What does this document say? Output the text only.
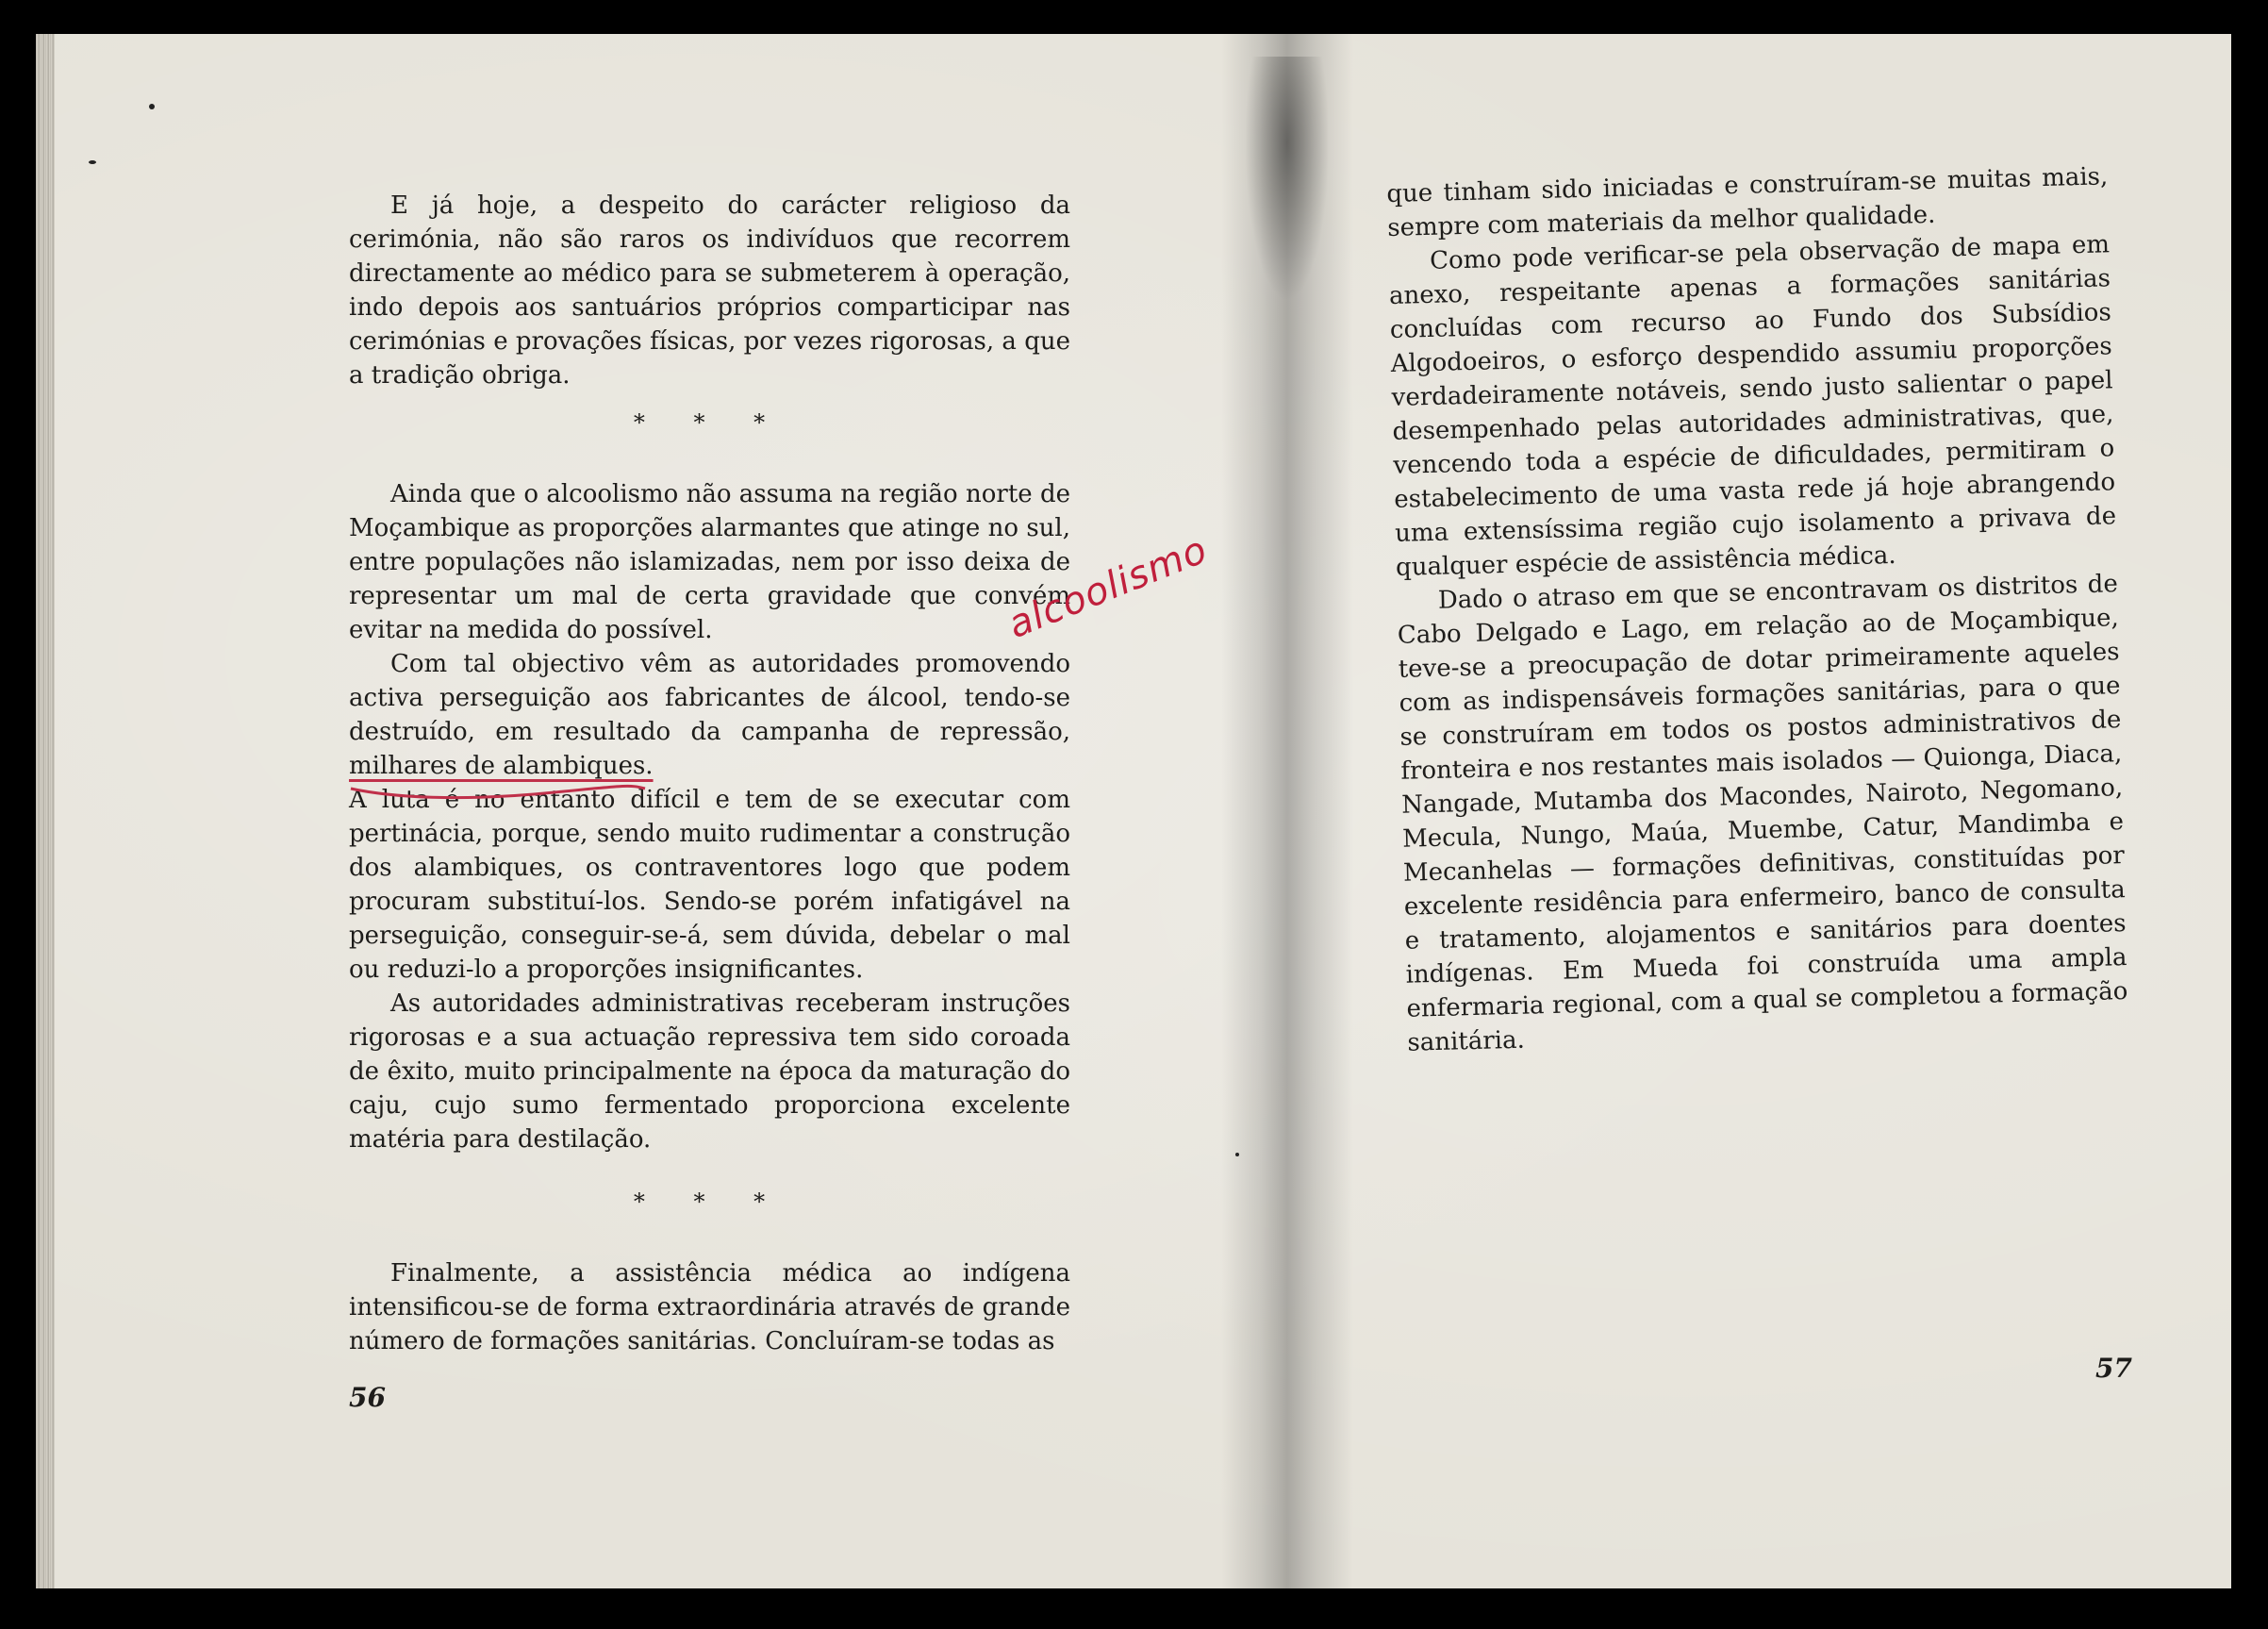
E já hoje, a despeito do carácter religioso da cerimónia, não são raros os indivíduos que recorrem directamente ao médico para se submeterem à operação, indo depois aos santuários próprios comparticipar nas cerimónias e provações físicas, por vezes rigorosas, a que a tradição obriga.

* * *

Ainda que o alcoolismo não assuma na região norte de Moçambique as proporções alarmantes que atinge no sul, entre populações não islamizadas, nem por isso deixa de representar um mal de certa gravidade que convém evitar na medida do possível.

Com tal objectivo vêm as autoridades promovendo activa perseguição aos fabricantes de álcool, tendo-se destruído, em resultado da campanha de repressão, milhares de alambiques.

A luta é no entanto difícil e tem de se executar com pertinácia, porque, sendo muito rudimentar a construção dos alambiques, os contraventores logo que podem procuram substituí-los. Sendo-se porém infatigável na perseguição, conseguir-se-á, sem dúvida, debelar o mal ou reduzi-lo a proporções insignificantes.

As autoridades administrativas receberam instruções rigorosas e a sua actuação repressiva tem sido coroada de êxito, muito principalmente na época da maturação do caju, cujo sumo fermentado proporciona excelente matéria para destilação.

* * *

Finalmente, a assistência médica ao indígena intensificou-se de forma extraordinária através de grande número de formações sanitárias. Concluíram-se todas as

alcoolismo
56

que tinham sido iniciadas e construíram-se muitas mais, sempre com materiais da melhor qualidade.

Como pode verificar-se pela observação de mapa em anexo, respeitante apenas a formações sanitárias concluídas com recurso ao Fundo dos Subsídios Algodoeiros, o esforço despendido assumiu proporções verdadeiramente notáveis, sendo justo salientar o papel desempenhado pelas autoridades administrativas, que, vencendo toda a espécie de dificuldades, permitiram o estabelecimento de uma vasta rede já hoje abrangendo uma extensíssima região cujo isolamento a privava de qualquer espécie de assistência médica.

Dado o atraso em que se encontravam os distritos de Cabo Delgado e Lago, em relação ao de Moçambique, teve-se a preocupação de dotar primeiramente aqueles com as indispensáveis formações sanitárias, para o que se construíram em todos os postos administrativos de fronteira e nos restantes mais isolados — Quionga, Diaca, Nangade, Mutamba dos Macondes, Nairoto, Negomano, Mecula, Nungo, Maúa, Muembe, Catur, Mandimba e Mecanhelas — formações definitivas, constituídas por excelente residência para enfermeiro, banco de consulta e tratamento, alojamentos e sanitários para doentes indígenas. Em Mueda foi construída uma ampla enfermaria regional, com a qual se completou a formação sanitária.

57
